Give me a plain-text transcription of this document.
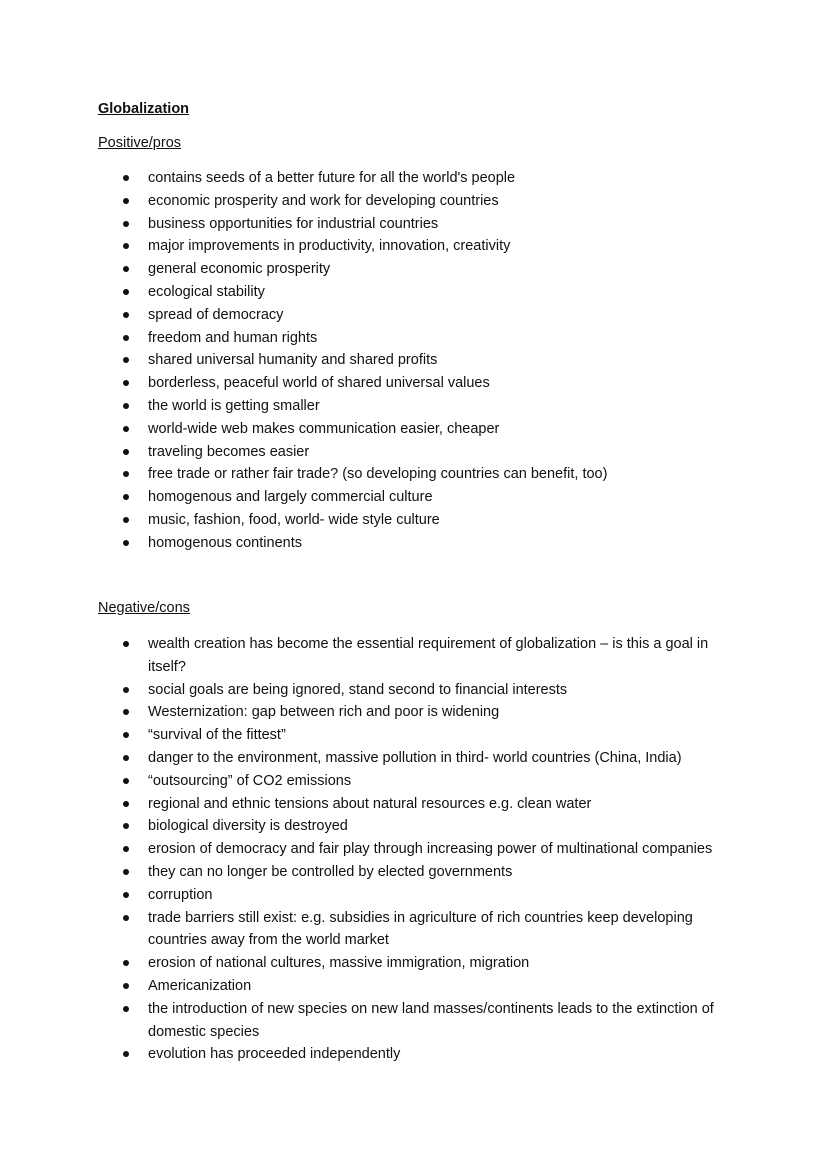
Globalization
Positive/pros
contains seeds of a better future for all the world's people
economic prosperity and work for developing countries
business opportunities for industrial countries
major improvements in productivity, innovation, creativity
general economic prosperity
ecological stability
spread of democracy
freedom and human rights
shared universal humanity and shared profits
borderless, peaceful world of shared universal values
the world is getting smaller
world-wide web makes communication easier, cheaper
traveling becomes easier
free trade or rather fair trade? (so developing countries can benefit, too)
homogenous and largely commercial culture
music, fashion, food, world- wide style culture
homogenous continents
Negative/cons
wealth creation has become the essential requirement of globalization – is this a goal in itself?
social goals are being ignored, stand second to financial interests
Westernization: gap between rich and poor is widening
“survival of the fittest”
danger to the environment, massive pollution in third- world countries (China, India)
“outsourcing” of CO2 emissions
regional and ethnic tensions about natural resources e.g. clean water
biological diversity is destroyed
erosion of democracy and fair play through increasing power of multinational companies
they can no longer be controlled by elected governments
corruption
trade barriers still exist: e.g. subsidies in agriculture of rich countries keep developing countries away from the world market
erosion of national cultures, massive immigration, migration
Americanization
the introduction of new species on new land masses/continents leads to the extinction of domestic species
evolution has proceeded independently
